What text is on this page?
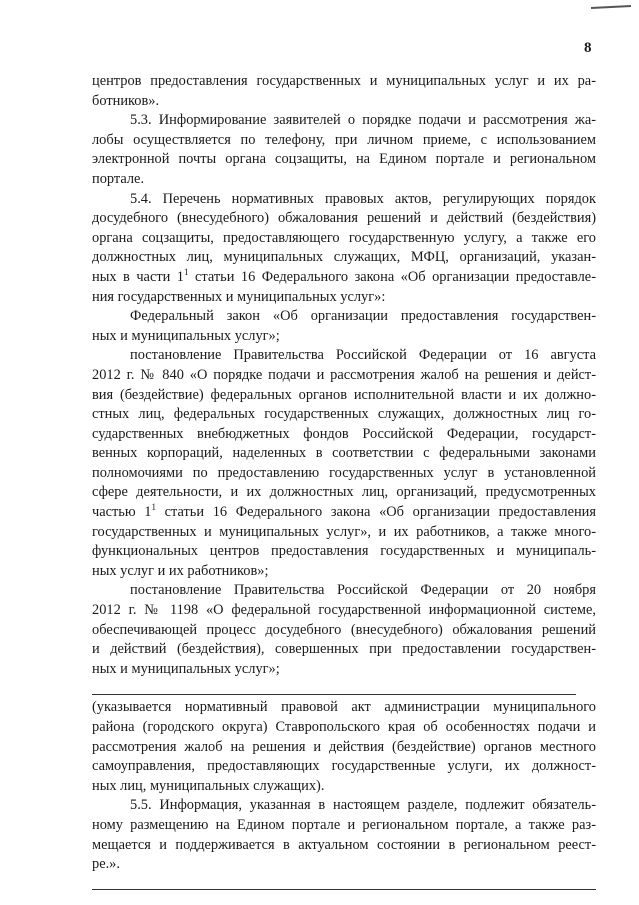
8
центров предоставления государственных и муниципальных услуг и их ра-
ботников».
5.3. Информирование заявителей о порядке подачи и рассмотрения жа-
лобы осуществляется по телефону, при личном приеме, с использованием
электронной почты органа соцзащиты, на Едином портале и региональном
портале.
5.4. Перечень нормативных правовых актов, регулирующих порядок
досудебного (внесудебного) обжалования решений и действий (бездействия)
органа соцзащиты, предоставляющего государственную услугу, а также его
должностных лиц, муниципальных служащих, МФЦ, организаций, указан-
ных в части $1^1$ статьи 16 Федерального закона «Об организации предоставле-
ния государственных и муниципальных услуг»:
Федеральный закон «Об организации предоставления государствен-
ных и муниципальных услуг»;
постановление Правительства Российской Федерации от 16 августа
2012 г. № 840 «О порядке подачи и рассмотрения жалоб на решения и дейст-
вия (бездействие) федеральных органов исполнительной власти и их должно-
стных лиц, федеральных государственных служащих, должностных лиц го-
сударственных внебюджетных фондов Российской Федерации, государст-
венных корпораций, наделенных в соответствии с федеральными законами
полномочиями по предоставлению государственных услуг в установленной
сфере деятельности, и их должностных лиц, организаций, предусмотренных
частью $1^1$ статьи 16 Федерального закона «Об организации предоставления
государственных и муниципальных услуг», и их работников, а также много-
функциональных центров предоставления государственных и муниципаль-
ных услуг и их работников»;
постановление Правительства Российской Федерации от 20 ноября
2012 г. № 1198 «О федеральной государственной информационной системе,
обеспечивающей процесс досудебного (внесудебного) обжалования решений
и действий (бездействия), совершенных при предоставлении государствен-
ных и муниципальных услуг»;
(указывается нормативный правовой акт администрации муниципального
района (городского округа) Ставропольского края об особенностях подачи и
рассмотрения жалоб на решения и действия (бездействие) органов местного
самоуправления, предоставляющих государственные услуги, их должност-
ных лиц, муниципальных служащих).
5.5. Информация, указанная в настоящем разделе, подлежит обязатель-
ному размещению на Едином портале и региональном портале, а также раз-
мещается и поддерживается в актуальном состоянии в региональном реест-
ре.».
